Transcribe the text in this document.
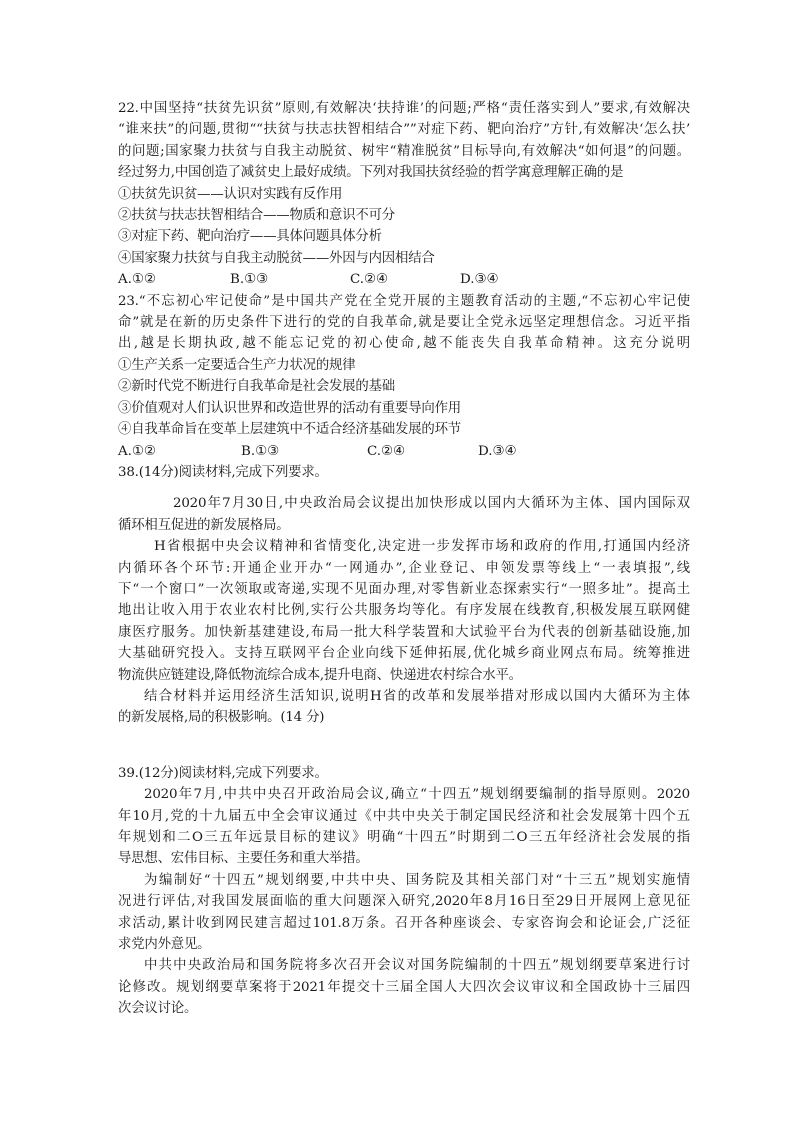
22.中国坚持“扶贫先识贫”原则,有效解决‘扶持谁’的问题;严格“责任落实到人”要求,有效解决
“谁来扶”的问题,贯彻““扶贫与扶志扶智相结合””对症下药、靶向治疗”方针,有效解决‘怎么扶’
的问题;国家聚力扶贫与自我主动脱贫、树牢“精准脱贫”目标导向,有效解决“如何退”的问题。
经过努力,中国创造了减贫史上最好成绩。下列对我国扶贫经验的哲学寓意理解正确的是
①扶贫先识贫——认识对实践有反作用
②扶贫与扶志扶智相结合——物质和意识不可分
③对症下药、靶向治疗——具体问题具体分析
④国家聚力扶贫与自我主动脱贫——外因与内因相结合
A.①②	B.①③	C.②④	D.③④
23.“不忘初心牢记使命”是中国共产党在全党开展的主题教育活动的主题,“不忘初心牢记使
命”就是在新的历史条件下进行的党的自我革命,就是要让全党永远坚定理想信念。习近平指
出,越是长期执政,越不能忘记党的初心使命,越不能丧失自我革命精神。这充分说明
①生产关系一定要适合生产力状况的规律
②新时代党不断进行自我革命是社会发展的基础
③价值观对人们认识世界和改造世界的活动有重要导向作用
④自我革命旨在变革上层建筑中不适合经济基础发展的环节
A.①②	B.①③	C.②④	D.③④
38.(14分)阅读材料,完成下列要求。
2020年7月30日,中央政治局会议提出加快形成以国内大循环为主体、国内国际双
循环相互促进的新发展格局。
H省根据中央会议精神和省情变化,决定进一步发挥市场和政府的作用,打通国内经济
内循环各个环节:开通企业开办“一网通办”,企业登记、申领发票等线上“一表填报”,线
下“一个窗口”一次领取或寄递,实现不见面办理,对零售新业态探索实行“一照多址”。提高土
地出让收入用于农业农村比例,实行公共服务均等化。有序发展在线教育,积极发展互联网健
康医疗服务。加快新基建建设,布局一批大科学装置和大试验平台为代表的创新基础设施,加
大基础研究投入。支持互联网平台企业向线下延伸拓展,优化城乡商业网点布局。统筹推进
物流供应链建设,降低物流综合成本,提升电商、快递进农村综合水平。
结合材料并运用经济生活知识,说明H省的改革和发展举措对形成以国内大循环为主体
的新发展格,局的积极影响。(14 分)
39.(12分)阅读材料,完成下列要求。
2020年7月,中共中央召开政治局会议,确立“十四五”规划纲要编制的指导原则。2020
年10月,党的十九届五中全会审议通过《中共中央关于制定国民经济和社会发展第十四个五
年规划和二O三五年远景目标的建议》明确“十四五”时期到二O三五年经济社会发展的指
导思想、宏伟目标、主要任务和重大举措。
为编制好“十四五”规划纲要,中共中央、国务院及其相关部门对“十三五”规划实施情
况进行评估,对我国发展面临的重大问题深入研究,2020年8月16日至29日开展网上意见征
求活动,累计收到网民建言超过101.8万条。召开各种座谈会、专家咨询会和论证会,广泛征
求党内外意见。
中共中央政治局和国务院将多次召开会议对国务院编制的十四五”规划纲要草案进行讨
论修改。规划纲要草案将于2021年提交十三届全国人大四次会议审议和全国政协十三届四
次会议讨论。
